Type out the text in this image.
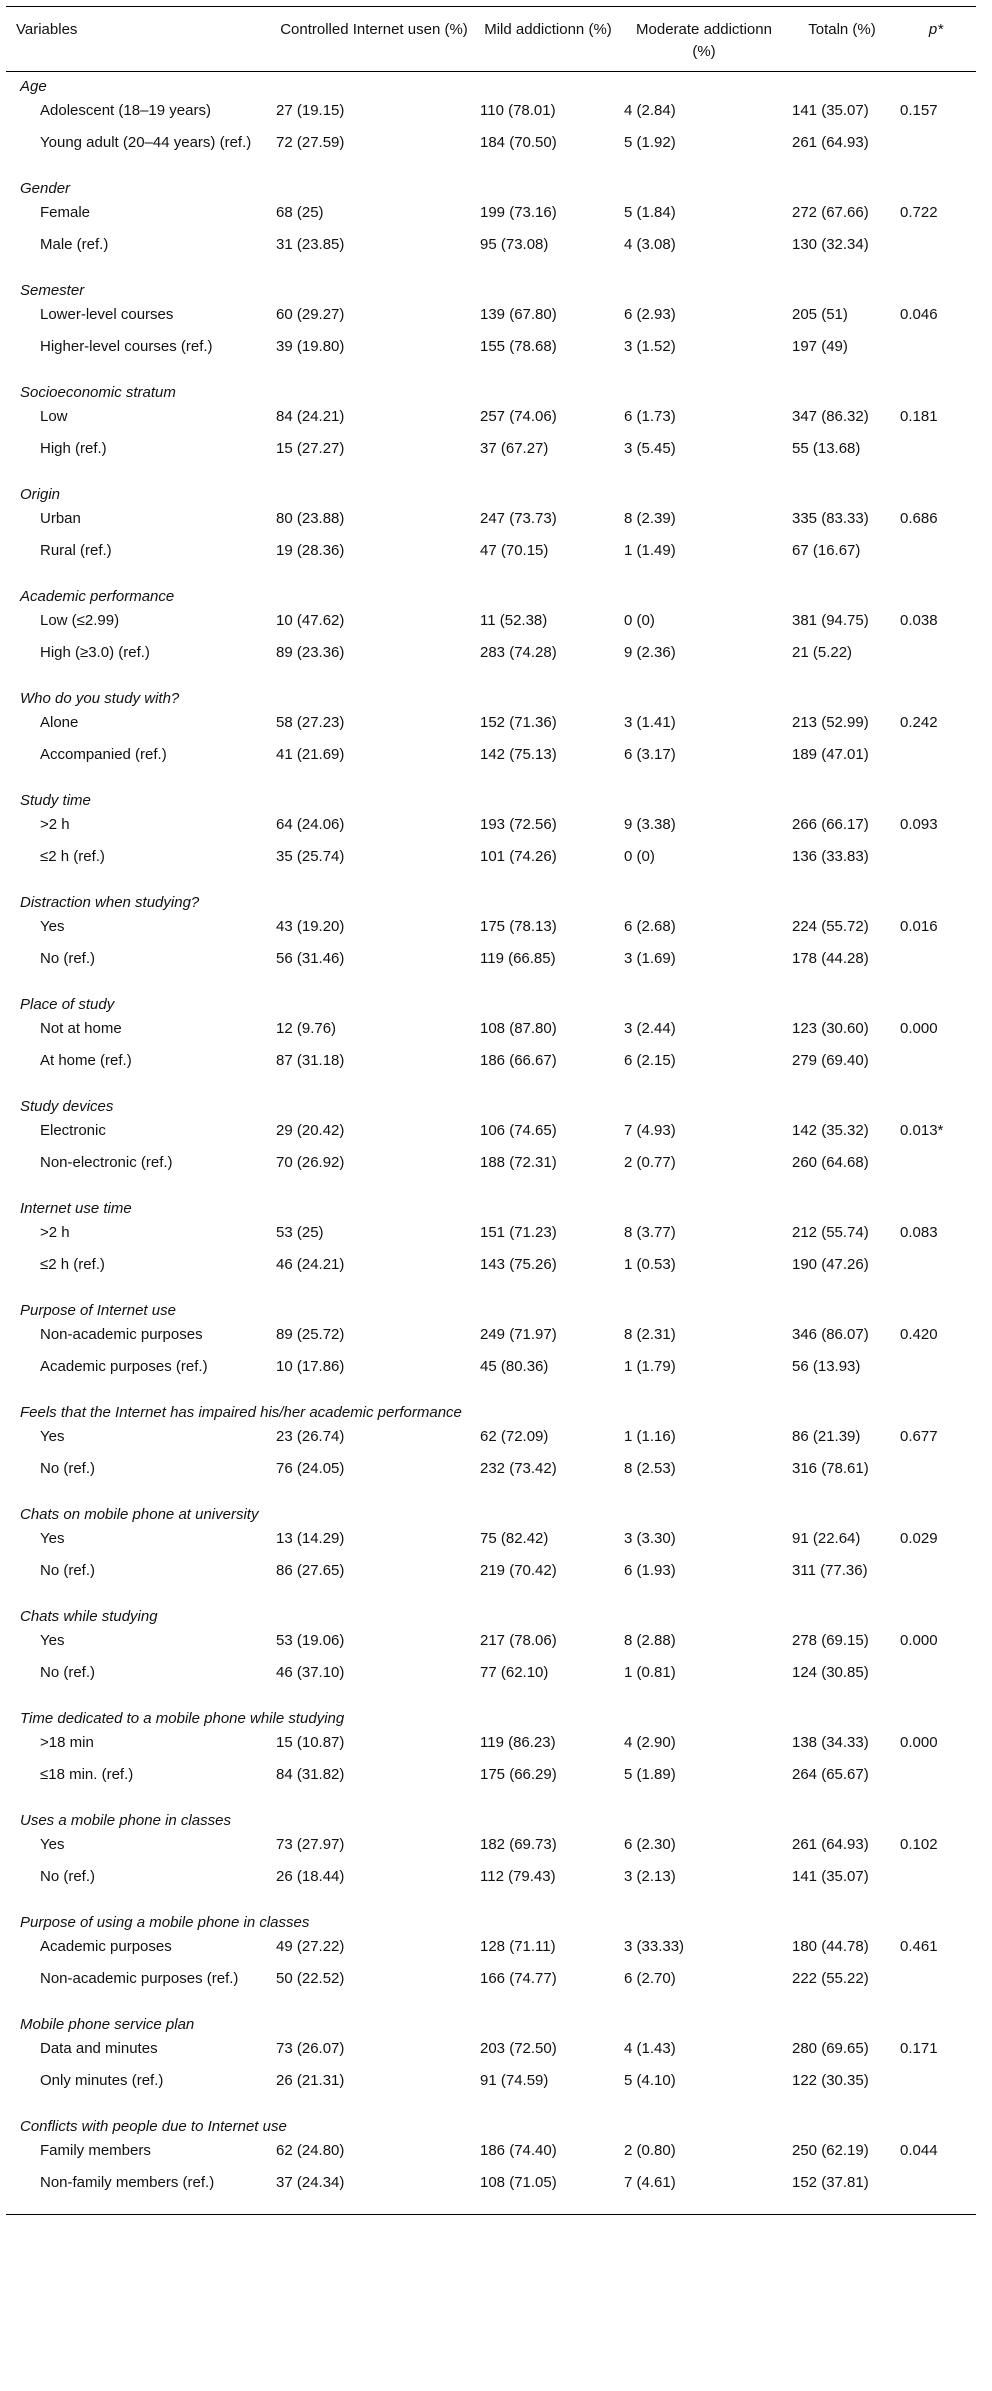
Variables	Controlled Internet usen (%)	Mild addictionn (%)	Moderate addictionn (%)	Totaln (%)	p*
Age					
Adolescent (18–19 years)	27 (19.15)	110 (78.01)	4 (2.84)	141 (35.07)	0.157
Young adult (20–44 years) (ref.)	72 (27.59)	184 (70.50)	5 (1.92)	261 (64.93)	
Gender					
Female	68 (25)	199 (73.16)	5 (1.84)	272 (67.66)	0.722
Male (ref.)	31 (23.85)	95 (73.08)	4 (3.08)	130 (32.34)	
Semester					
Lower-level courses	60 (29.27)	139 (67.80)	6 (2.93)	205 (51)	0.046
Higher-level courses (ref.)	39 (19.80)	155 (78.68)	3 (1.52)	197 (49)	
Socioeconomic stratum					
Low	84 (24.21)	257 (74.06)	6 (1.73)	347 (86.32)	0.181
High (ref.)	15 (27.27)	37 (67.27)	3 (5.45)	55 (13.68)	
Origin					
Urban	80 (23.88)	247 (73.73)	8 (2.39)	335 (83.33)	0.686
Rural (ref.)	19 (28.36)	47 (70.15)	1 (1.49)	67 (16.67)	
Academic performance					
Low (≤2.99)	10 (47.62)	11 (52.38)	0 (0)	381 (94.75)	0.038
High (≥3.0) (ref.)	89 (23.36)	283 (74.28)	9 (2.36)	21 (5.22)	
Who do you study with?					
Alone	58 (27.23)	152 (71.36)	3 (1.41)	213 (52.99)	0.242
Accompanied (ref.)	41 (21.69)	142 (75.13)	6 (3.17)	189 (47.01)	
Study time					
>2 h	64 (24.06)	193 (72.56)	9 (3.38)	266 (66.17)	0.093
≤2 h (ref.)	35 (25.74)	101 (74.26)	0 (0)	136 (33.83)	
Distraction when studying?					
Yes	43 (19.20)	175 (78.13)	6 (2.68)	224 (55.72)	0.016
No (ref.)	56 (31.46)	119 (66.85)	3 (1.69)	178 (44.28)	
Place of study					
Not at home	12 (9.76)	108 (87.80)	3 (2.44)	123 (30.60)	0.000
At home (ref.)	87 (31.18)	186 (66.67)	6 (2.15)	279 (69.40)	
Study devices					
Electronic	29 (20.42)	106 (74.65)	7 (4.93)	142 (35.32)	0.013*
Non-electronic (ref.)	70 (26.92)	188 (72.31)	2 (0.77)	260 (64.68)	
Internet use time					
>2 h	53 (25)	151 (71.23)	8 (3.77)	212 (55.74)	0.083
≤2 h (ref.)	46 (24.21)	143 (75.26)	1 (0.53)	190 (47.26)	
Purpose of Internet use					
Non-academic purposes	89 (25.72)	249 (71.97)	8 (2.31)	346 (86.07)	0.420
Academic purposes (ref.)	10 (17.86)	45 (80.36)	1 (1.79)	56 (13.93)	
Feels that the Internet has impaired his/her academic performance					
Yes	23 (26.74)	62 (72.09)	1 (1.16)	86 (21.39)	0.677
No (ref.)	76 (24.05)	232 (73.42)	8 (2.53)	316 (78.61)	
Chats on mobile phone at university					
Yes	13 (14.29)	75 (82.42)	3 (3.30)	91 (22.64)	0.029
No (ref.)	86 (27.65)	219 (70.42)	6 (1.93)	311 (77.36)	
Chats while studying					
Yes	53 (19.06)	217 (78.06)	8 (2.88)	278 (69.15)	0.000
No (ref.)	46 (37.10)	77 (62.10)	1 (0.81)	124 (30.85)	
Time dedicated to a mobile phone while studying					
>18 min	15 (10.87)	119 (86.23)	4 (2.90)	138 (34.33)	0.000
≤18 min. (ref.)	84 (31.82)	175 (66.29)	5 (1.89)	264 (65.67)	
Uses a mobile phone in classes					
Yes	73 (27.97)	182 (69.73)	6 (2.30)	261 (64.93)	0.102
No (ref.)	26 (18.44)	112 (79.43)	3 (2.13)	141 (35.07)	
Purpose of using a mobile phone in classes					
Academic purposes	49 (27.22)	128 (71.11)	3 (33.33)	180 (44.78)	0.461
Non-academic purposes (ref.)	50 (22.52)	166 (74.77)	6 (2.70)	222 (55.22)	
Mobile phone service plan					
Data and minutes	73 (26.07)	203 (72.50)	4 (1.43)	280 (69.65)	0.171
Only minutes (ref.)	26 (21.31)	91 (74.59)	5 (4.10)	122 (30.35)	
Conflicts with people due to Internet use					
Family members	62 (24.80)	186 (74.40)	2 (0.80)	250 (62.19)	0.044
Non-family members (ref.)	37 (24.34)	108 (71.05)	7 (4.61)	152 (37.81)	
